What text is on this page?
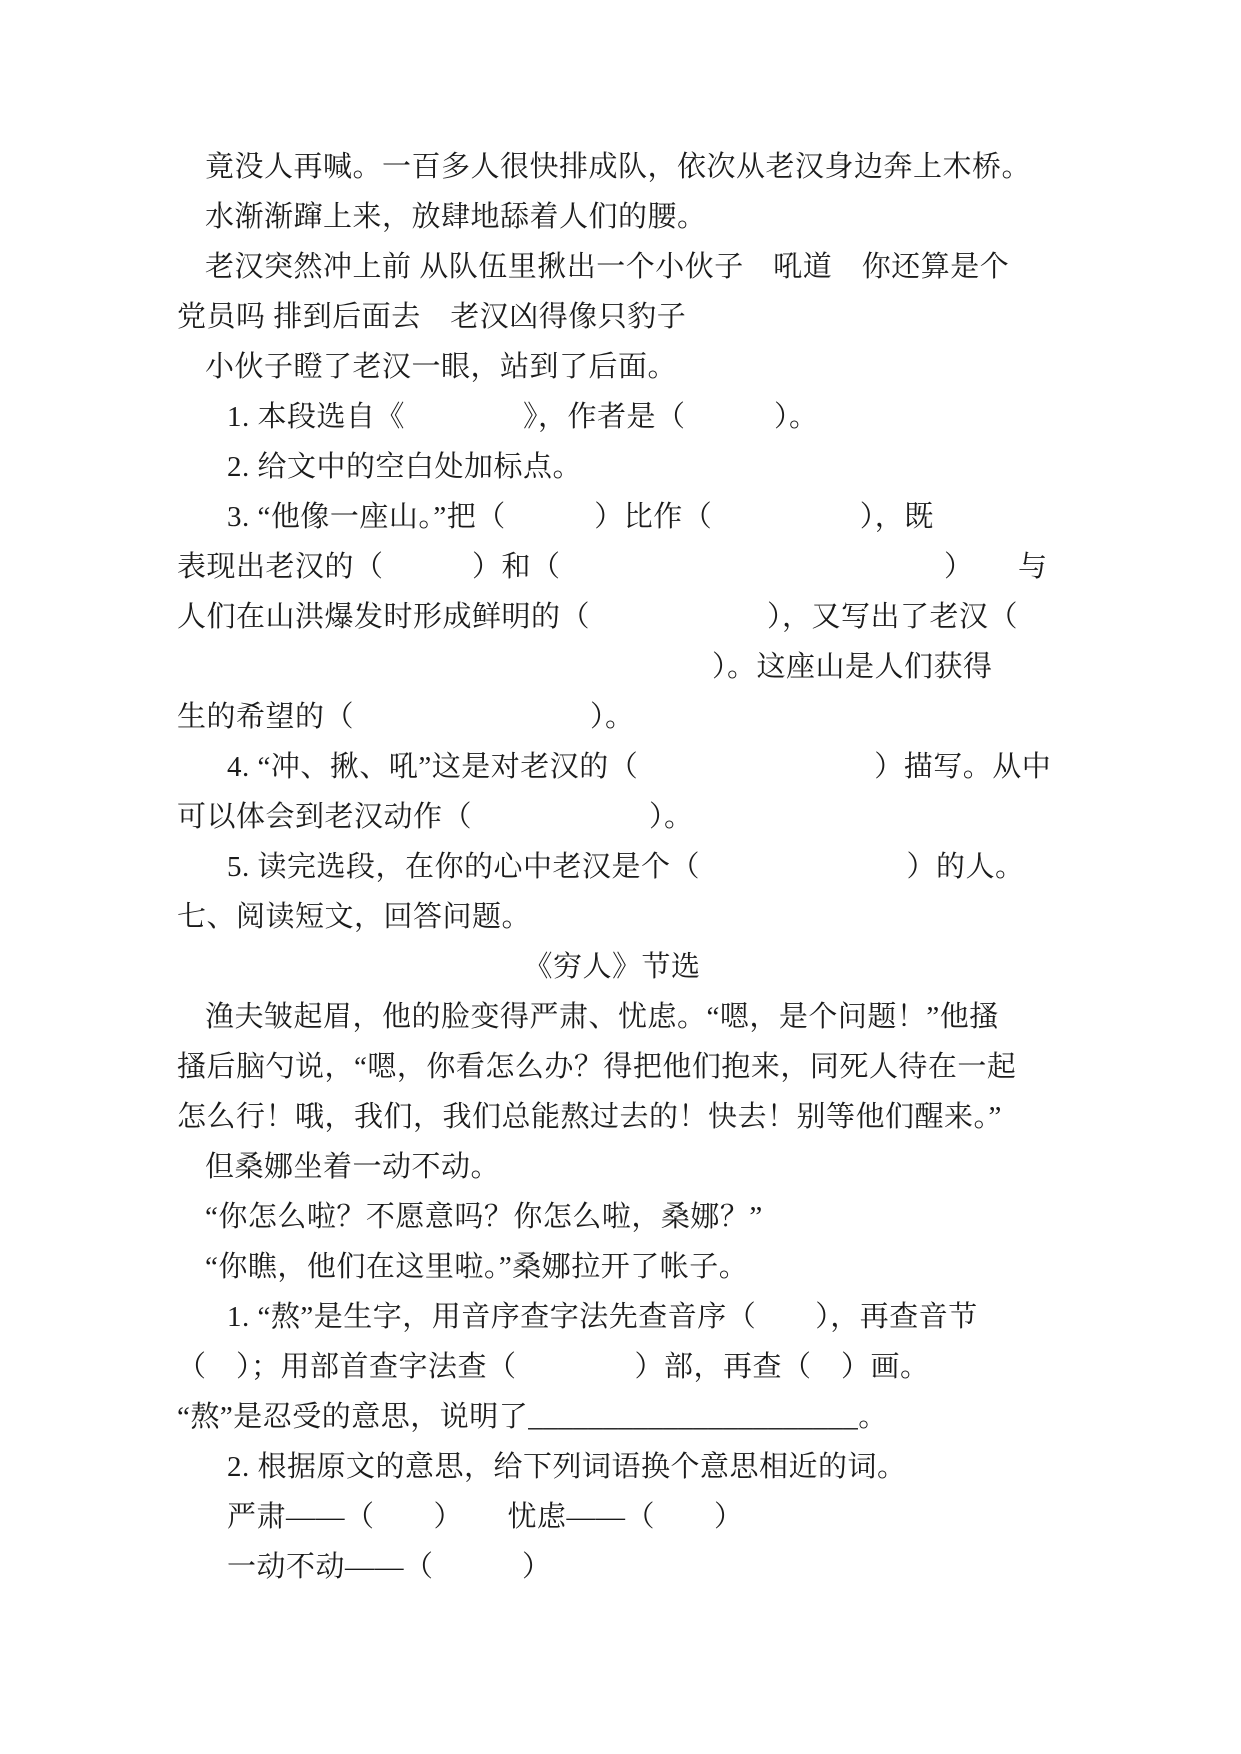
竟没人再喊。一百多人很快排成队，依次从老汉身边奔上木桥。
水渐渐蹿上来，放肆地舔着人们的腰。
老汉突然冲上前 从队伍里揪出一个小伙子　吼道　你还算是个
党员吗 排到后面去　老汉凶得像只豹子
小伙子瞪了老汉一眼，站到了后面。
1. 本段选自《　　　　》，作者是（　　　）。
2. 给文中的空白处加标点。
3. “他像一座山。”把（　　　）比作（　　　　　），既
表现出老汉的（　　　）和（　　　　　　　　　　　　　）　　与
人们在山洪爆发时形成鲜明的（　　　　　　），又写出了老汉（
）。这座山是人们获得
生的希望的（　　　　　　　　）。
4. “冲、揪、吼”这是对老汉的（　　　　　　　　）描写。从中
可以体会到老汉动作（　　　　　　）。
5. 读完选段，在你的心中老汉是个（　　　　　　　）的人。
七、阅读短文，回答问题。
《穷人》节选
渔夫皱起眉，他的脸变得严肃、忧虑。“嗯，是个问题！”他搔
搔后脑勺说，“嗯，你看怎么办？得把他们抱来，同死人待在一起
怎么行！哦，我们，我们总能熬过去的！快去！别等他们醒来。”
但桑娜坐着一动不动。
“你怎么啦？不愿意吗？你怎么啦，桑娜？”
“你瞧，他们在这里啦。”桑娜拉开了帐子。
1. “熬”是生字，用音序查字法先查音序（　　），再查音节
（　）；用部首查字法查（　　　　）部，再查（　）画。
“熬”是忍受的意思，说明了______________________。
2. 根据原文的意思，给下列词语换个意思相近的词。
严肃——（　　）　　忧虑——（　　）
一动不动——（　　　）
